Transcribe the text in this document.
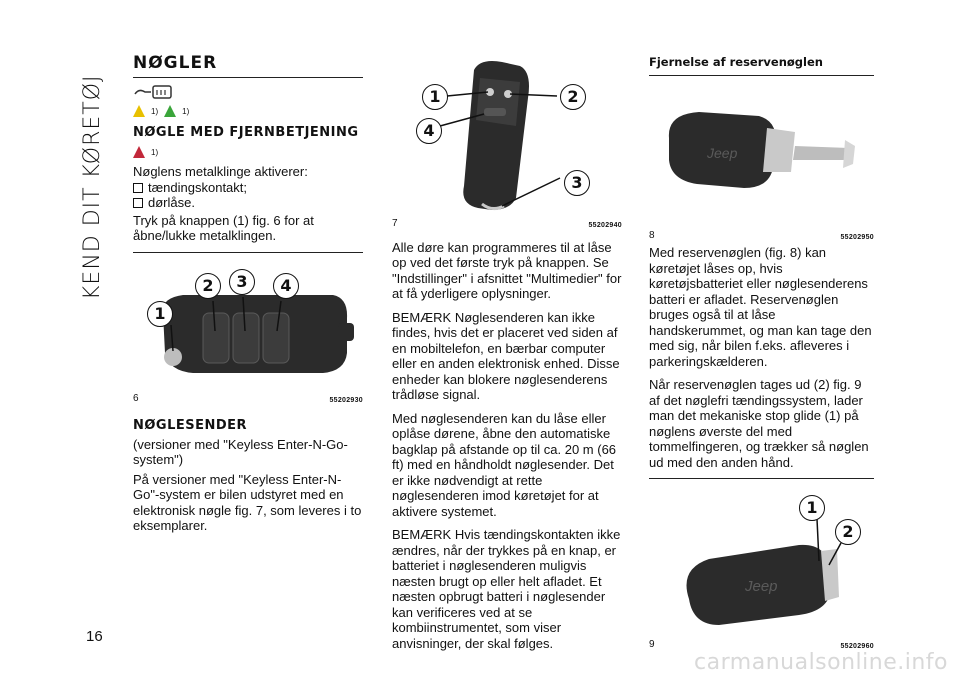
KEND DIT KØRETØJ
NØGLER
1)	1)
NØGLE MED FJERNBETJENING
1)

Nøglens metalklinge aktiverer:

tændingskontakt;
dørlåse.

Tryk på knappen (1) fig. 6 for at åbne/lukke metalklingen.

1
2	3	4
6	55202930
NØGLESENDER

(versioner med "Keyless Enter-N-Go-system")

På versioner med "Keyless Enter-N-Go"-system er bilen udstyret med en elektronisk nøgle fig. 7, som leveres i to eksemplarer.

1	2
3
4
7	55202940

Alle døre kan programmeres til at låse op ved det første tryk på knappen. Se "Indstillinger" i afsnittet "Multimedier" for at få yderligere oplysninger.

BEMÆRK Nøglesenderen kan ikke findes, hvis det er placeret ved siden af en mobiltelefon, en bærbar computer eller en anden elektronisk enhed. Disse enheder kan blokere nøglesenderens trådløse signal.

Med nøglesenderen kan du låse eller oplåse dørene, åbne den automatiske bagklap på afstande op til ca. 20 m (66 ft) med en håndholdt nøglesender. Det er ikke nødvendigt at rette nøglesenderen imod køretøjet for at aktivere systemet.

BEMÆRK Hvis tændingskontakten ikke ændres, når der trykkes på en knap, er batteriet i nøglesenderen muligvis næsten brugt op eller helt afladet. Et næsten opbrugt batteri i nøglesender kan verificeres ved at se kombiinstrumentet, som viser anvisninger, der skal følges.

Fjernelse af reservenøglen
Jeep
8	55202950

Med reservenøglen (fig. 8) kan køretøjet låses op, hvis køretøjsbatteriet eller nøglesenderens batteri er afladet. Reservenøglen bruges også til at låse handskerummet, og man kan tage den med sig, når bilen f.eks. afleveres i parkeringskælderen.

Når reservenøglen tages ud (2) fig. 9 af det nøglefri tændingssystem, lader man det mekaniske stop glide (1) på nøglens øverste del med tommelfingeren, og trækker så nøglen ud med den anden hånd.

Jeep
1
2
9	55202960
16
carmanualsonline.info
